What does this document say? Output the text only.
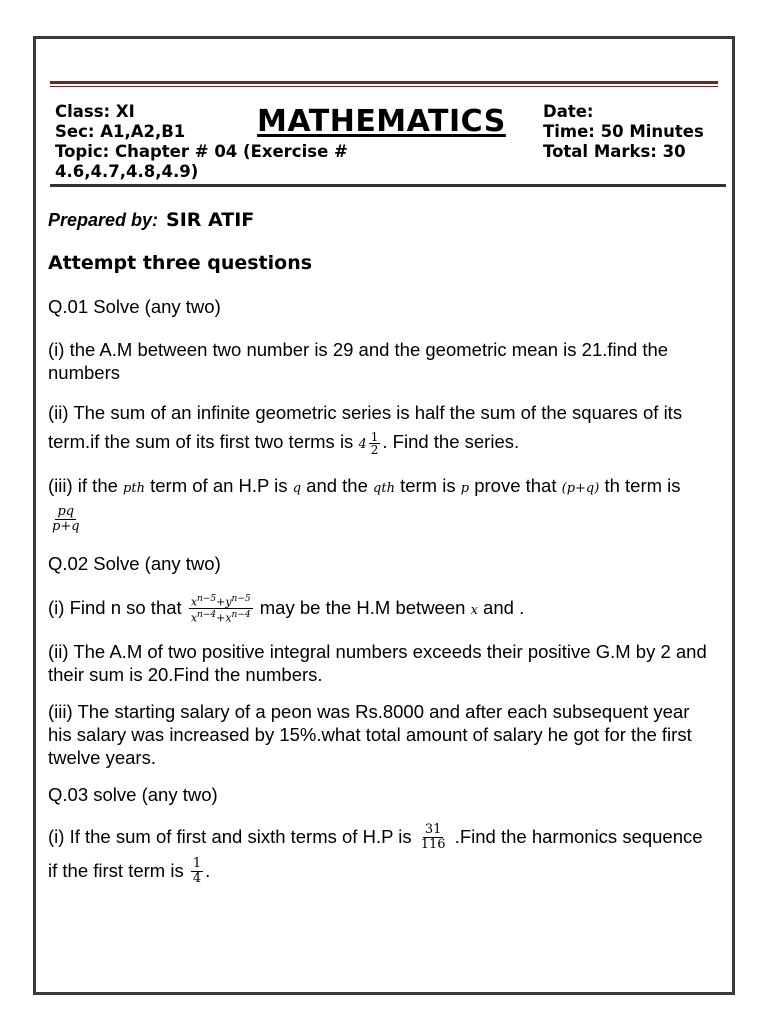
Class: XI
Sec: A1,A2,B1
Topic: Chapter # 04 (Exercise #
4.6,4.7,4.8,4.9)
MATHEMATICS Date:
Time: 50 Minutes
Total Marks: 30

Prepared by: SIR ATIF

Attempt three questions

Q.01 Solve (any two)

(i) the A.M between two number is 29 and the geometric mean is 21.find the numbers

(ii) The sum of an infinite geometric series is half the sum of the squares of its term.if the sum of its first two terms is $4 \frac{1}{2}$ . Find the series.

(iii) if the pth term of an H.P is q and the qth term is p prove that (p+q) th term is
$\frac{pq}{p+q}$

Q.02 Solve (any two)

(i) Find n so that $\frac{x^{n-5}+y^{n-5}}{x^{n-4}+x^{n-4}}$ may be the H.M between x and .

(ii) The A.M of two positive integral numbers exceeds their positive G.M by 2 and their sum is 20.Find the numbers.

(iii) The starting salary of a peon was Rs.8000 and after each subsequent year his salary was increased by 15%.what total amount of salary he got for the first twelve years.

Q.03 solve (any two)

(i) If the sum of first and sixth terms of H.P is $\frac{31}{116}$ .Find the harmonics sequence if the first term is $\frac{1}{4}$ .
